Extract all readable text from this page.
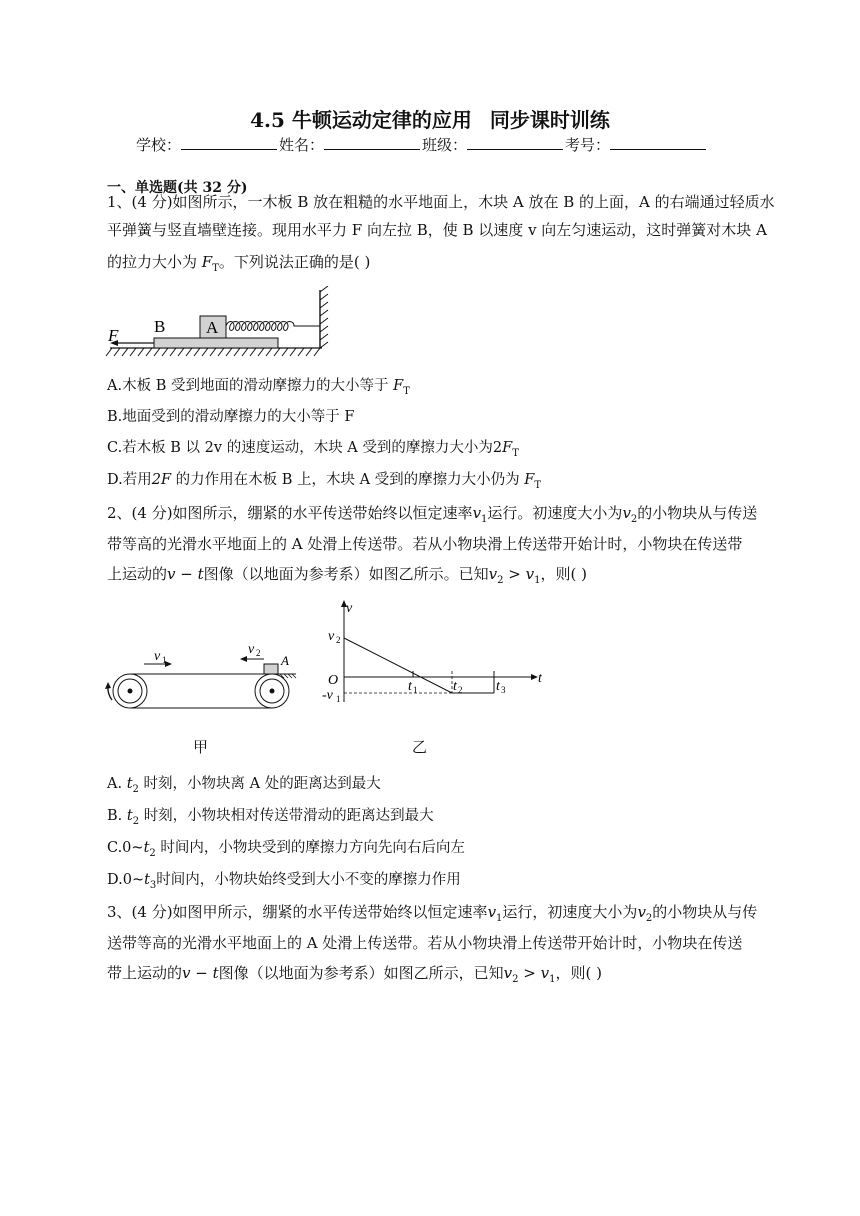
4.5 牛顿运动定律的应用 同步课时训练
学校：	姓名：	班级：	考号：
一、单选题(共 32 分)
1、(4 分)如图所示，一木板 B 放在粗糙的水平地面上，木块 A 放在 B 的上面，A 的右端通过轻质水
平弹簧与竖直墙壁连接。现用水平力 F 向左拉 B，使 B 以速度 v 向左匀速运动，这时弹簧对木块 A
的拉力大小为 $F_T$。下列说法正确的是( )
F B A
A.木板 B 受到地面的滑动摩擦力的大小等于 $F_T$
B.地面受到的滑动摩擦力的大小等于 F
C.若木板 B 以 2v 的速度运动，木块 A 受到的摩擦力大小为$2F_T$
D.若用2F 的力作用在木板 B 上，木块 A 受到的摩擦力大小仍为 $F_T$
2、(4 分)如图所示，绷紧的水平传送带始终以恒定速率$v_1$运行。初速度大小为$v_2$的小物块从与传送
带等高的光滑水平地面上的 A 处滑上传送带。若从小物块滑上传送带开始计时，小物块在传送带
上运动的v − t图像（以地面为参考系）如图乙所示。已知$v_2 > v_1$，则( )
v 1
v 2 A
甲
v
t
O
v 2
-v 1
t 1	t 2 t 3
乙
A. $t_2$ 时刻，小物块离 A 处的距离达到最大
B. $t_2$ 时刻，小物块相对传送带滑动的距离达到最大
$C.0\sim t_2$ 时间内，小物块受到的摩擦力方向先向右后向左
$D.0\sim t_3$时间内，小物块始终受到大小不变的摩擦力作用
3、(4 分)如图甲所示，绷紧的水平传送带始终以恒定速率$v_1$运行，初速度大小为$v_2$的小物块从与传
送带等高的光滑水平地面上的 A 处滑上传送带。若从小物块滑上传送带开始计时，小物块在传送
带上运动的v − t图像（以地面为参考系）如图乙所示，已知$v_2 > v_1$，则( )
